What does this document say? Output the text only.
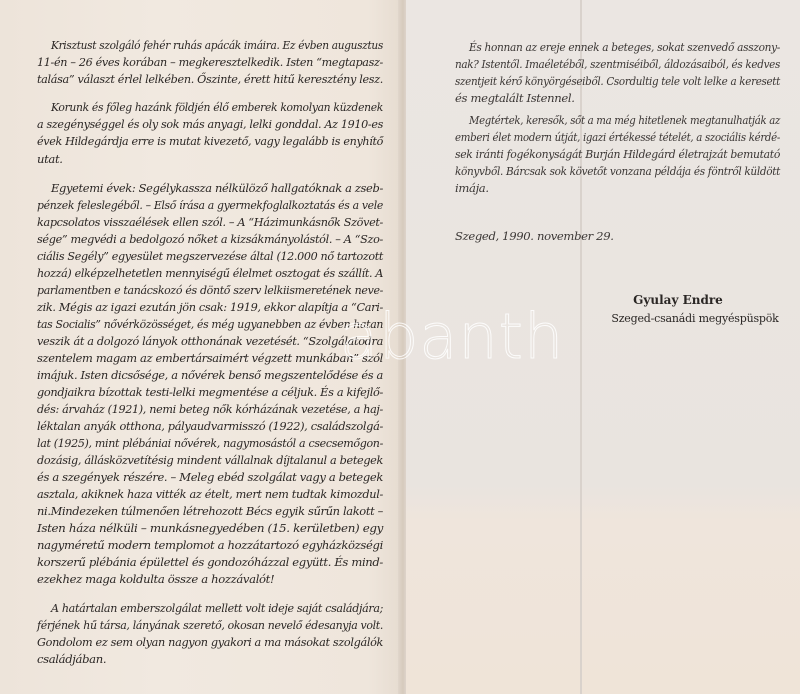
Krisztust szolgáló fehér ruhás apácák imáira. Ez évben augusztus
11-én – 26 éves korában – megkeresztelkedik. Isten “megtapasz-
talása” választ érlel lelkében. Őszinte, érett hitű keresztény lesz.
Korunk és főleg hazánk földjén élő emberek komolyan küzdenek
a szegénységgel és oly sok más anyagi, lelki gonddal. Az 1910-es
évek Hildegárdja erre is mutat kivezető, vagy legalább is enyhítő
utat.
Egyetemi évek: Segélykassza nélkülöző hallgatóknak a zseb-
pénzek feleslegéből. – Első írása a gyermekfoglalkoztatás és a vele
kapcsolatos visszaélések ellen szól. – A “Házimunkásnők Szövet-
sége” megvédi a bedolgozó nőket a kizsákmányolástól. – A “Szo-
ciális Segély” egyesület megszervezése által (12.000 nő tartozott
hozzá) elképzelhetetlen mennyiségű élelmet osztogat és szállít. A
parlamentben e tanácskozó és döntő szerv lelkiismeretének neve-
zik. Mégis az igazi ezután jön csak: 1919, ekkor alapítja a “Cari-
tas Socialis” nővérközösséget, és még ugyanebben az évben hatan
veszik át a dolgozó lányok otthonának vezetését. “Szolgálatodra
szentelem magam az embertársaimért végzett munkában” szól
imájuk. Isten dicsősége, a nővérek benső megszentelődése és a
gondjaikra bízottak testi-lelki megmentése a céljuk. És a kifejlő-
dés: árvaház (1921), nemi beteg nők kórházának vezetése, a haj-
léktalan anyák otthona, pályaudvarmisszó (1922), családszolgá-
lat (1925), mint plébániai nővérek, nagymosástól a csecsemőgon-
dozásig, állásközvetítésig mindent vállalnak díjtalanul a betegek
és a szegények részére. – Meleg ebéd szolgálat vagy a betegek
asztala, akiknek haza vitték az ételt, mert nem tudtak kimozdul-
ni.Mindezeken túlmenően létrehozott Bécs egyik sűrűn lakott –
Isten háza nélküli – munkásnegyedében (15. kerületben) egy
nagyméretű modern templomot a hozzátartozó egyházközségi
korszerű plébánia épülettel és gondozóházzal együtt. És mind-
ezekhez maga koldulta össze a hozzávalót!
A határtalan emberszolgálat mellett volt ideje saját családjára;
férjének hű társa, lányának szerető, okosan nevelő édesanyja volt.
Gondolom ez sem olyan nagyon gyakori a ma másokat szolgálók
családjában.
És honnan az ereje ennek a beteges, sokat szenvedő asszony-
nak? Istentől. Imaéletéből, szentmiséiből, áldozásaiból, és kedves
szentjeit kérő könyörgéseiből. Csordultig tele volt lelke a keresett
és megtalált Istennel.
Megtértek, keresők, sőt a ma még hitetlenek megtanulhatják az
emberi élet modern útját, igazi értékessé tételét, a szociális kérdé-
sek iránti fogékonyságát Burján Hildegárd életrajzát bemutató
könyvből. Bárcsak sok követőt vonzana példája és föntről küldött
imája.
Szeged, 1990. november 29.
Gyulay Endre
Szeged-csanádi megyéspüspök
